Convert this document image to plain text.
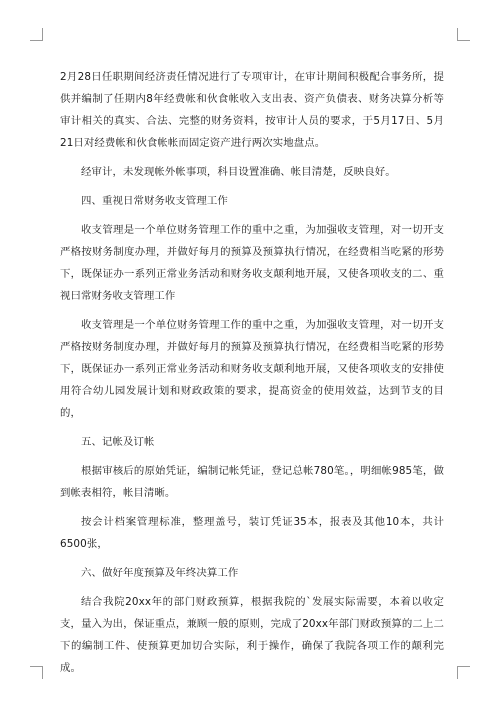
2月28日任职期间经济责任情况进行了专项审计，在审计期间积极配合事务所，提供并编制了任期内8年经费帐和伙食帐收入支出表、资产负债表、财务决算分析等审计相关的真实、合法、完整的财务资料，按审计人员的要求，于5月17日、5月21日对经费帐和伙食帐帐而固定资产进行两次实地盘点。

经审计，未发现帐外帐事项，科目设置准确、帐目清楚，反映良好。

四、重视日常财务收支管理工作

收支管理是一个单位财务管理工作的重中之重，为加强收支管理，对一切开支严格按财务制度办理，并做好每月的预算及预算执行情况，在经费相当吃紧的形势下，既保证办一系列正常业务活动和财务收支颠利地开展，又使各项收支的二、重视曰常财务收支管理工作

收支管理是一个单位财务管理工作的重中之重，为加强收支管理，对一切开支严格按财务制度办理，并做好每月的预算及预算执行情况，在经费相当吃紧的形势下，既保证办一系列正常业务活动和财务收支颠利地开展，又使各项收支的安排使用符合幼儿园发展计划和财政政策的要求，提髙资金的使用效益，达到节支的目的，

五、记帐及订帐

根据审核后的原始凭证，编制记帐凭证，登记总帐780笔。，明细帐985笔，做到帐表相符，帐目清晰。

按会计档案管理标准，整理盖号，装订凭证35本，报表及其他10本，共计6500张，

六、做好年度预算及年终决算工作

结合我院20xx年的部门财政预算，根据我院的`发展实际需要，本着以收定支，量入为出，保证重点，兼顾一般的原则，完成了20xx年部门财政预算的二上二下的编制工件、使预算更加切合实际，利于操作，确保了我院各项工作的颠利完成。
